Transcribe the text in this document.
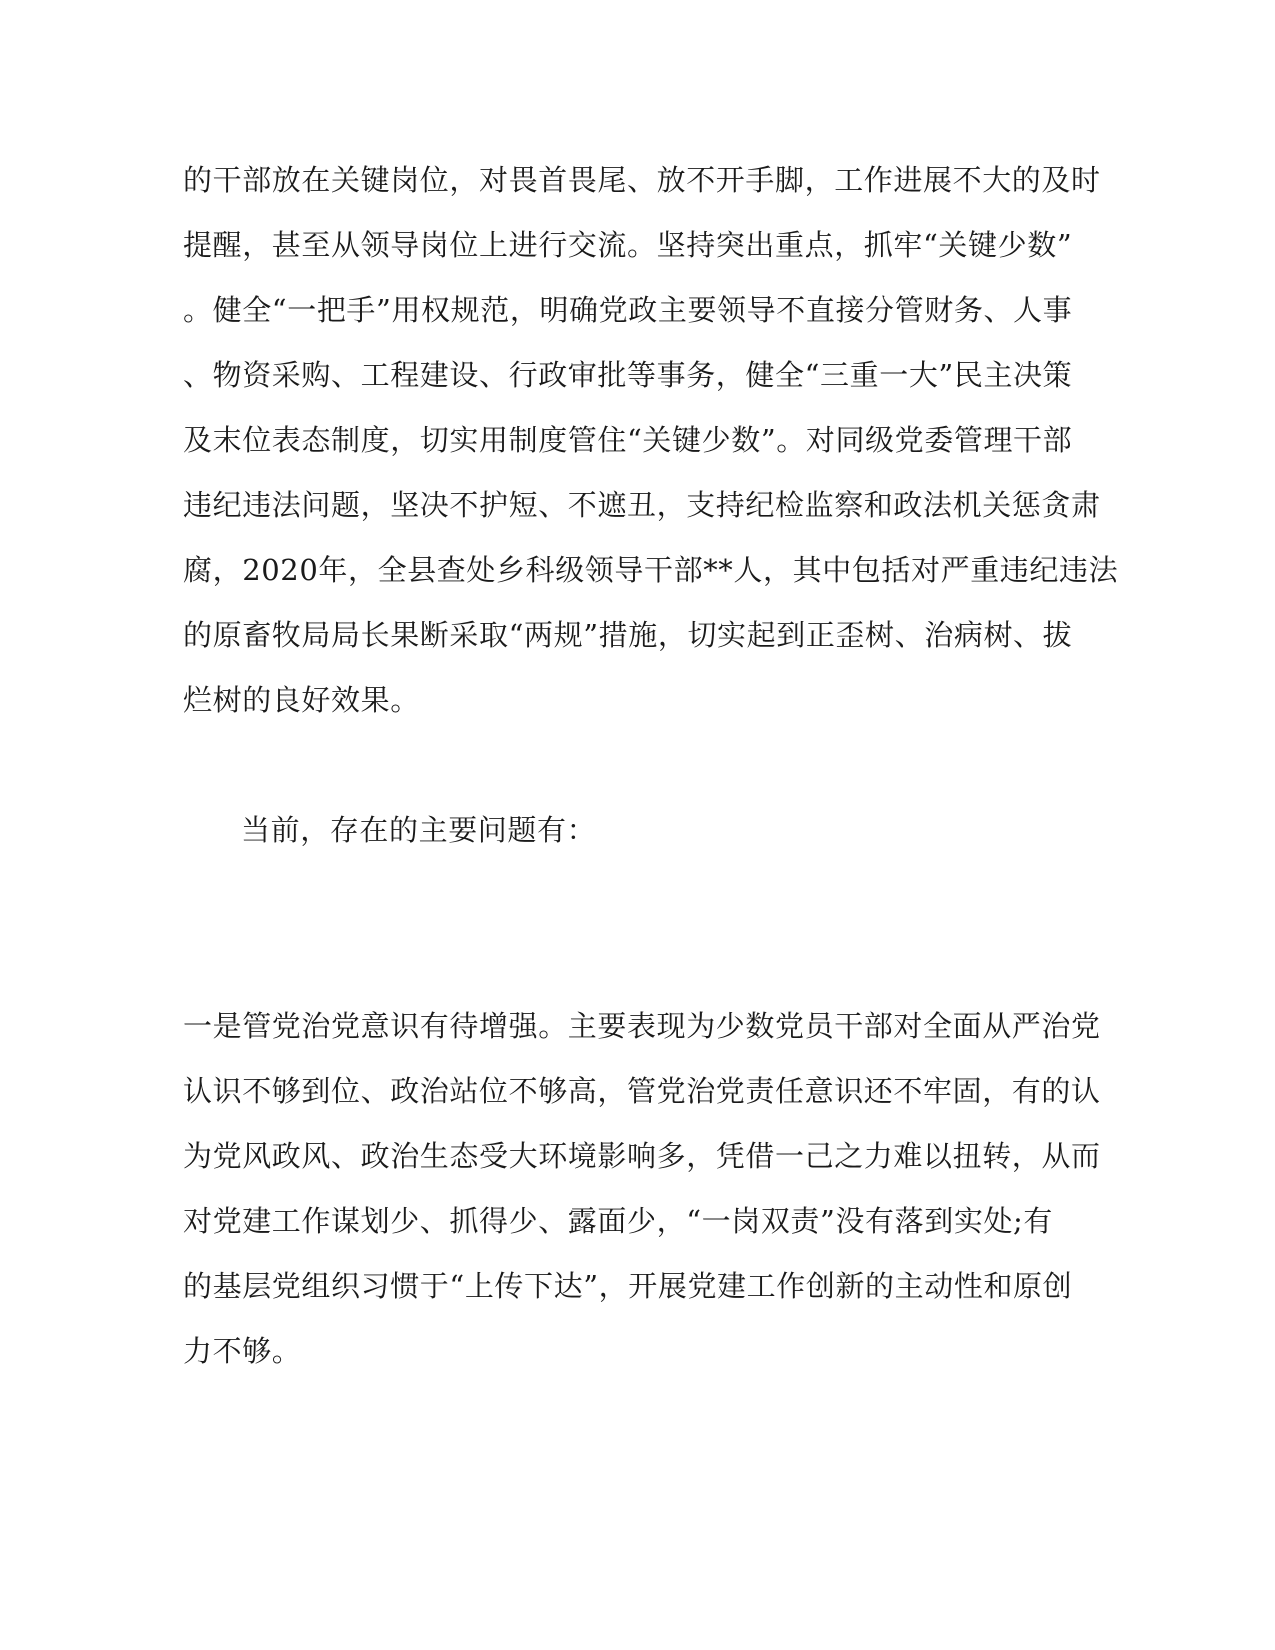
的干部放在关键岗位，对畏首畏尾、放不开手脚，工作进展不大的及时
提醒，甚至从领导岗位上进行交流。坚持突出重点，抓牢“关键少数”
。健全“一把手”用权规范，明确党政主要领导不直接分管财务、人事
、物资采购、工程建设、行政审批等事务，健全“三重一大”民主决策
及末位表态制度，切实用制度管住“关键少数”。对同级党委管理干部
违纪违法问题，坚决不护短、不遮丑，支持纪检监察和政法机关惩贪肃
腐，2020年，全县查处乡科级领导干部**人，其中包括对严重违纪违法
的原畜牧局局长果断采取“两规”措施，切实起到正歪树、治病树、拔
烂树的良好效果。
当前，存在的主要问题有：
一是管党治党意识有待增强。主要表现为少数党员干部对全面从严治党
认识不够到位、政治站位不够高，管党治党责任意识还不牢固，有的认
为党风政风、政治生态受大环境影响多，凭借一己之力难以扭转，从而
对党建工作谋划少、抓得少、露面少，“一岗双责”没有落到实处;有
的基层党组织习惯于“上传下达”，开展党建工作创新的主动性和原创
力不够。
